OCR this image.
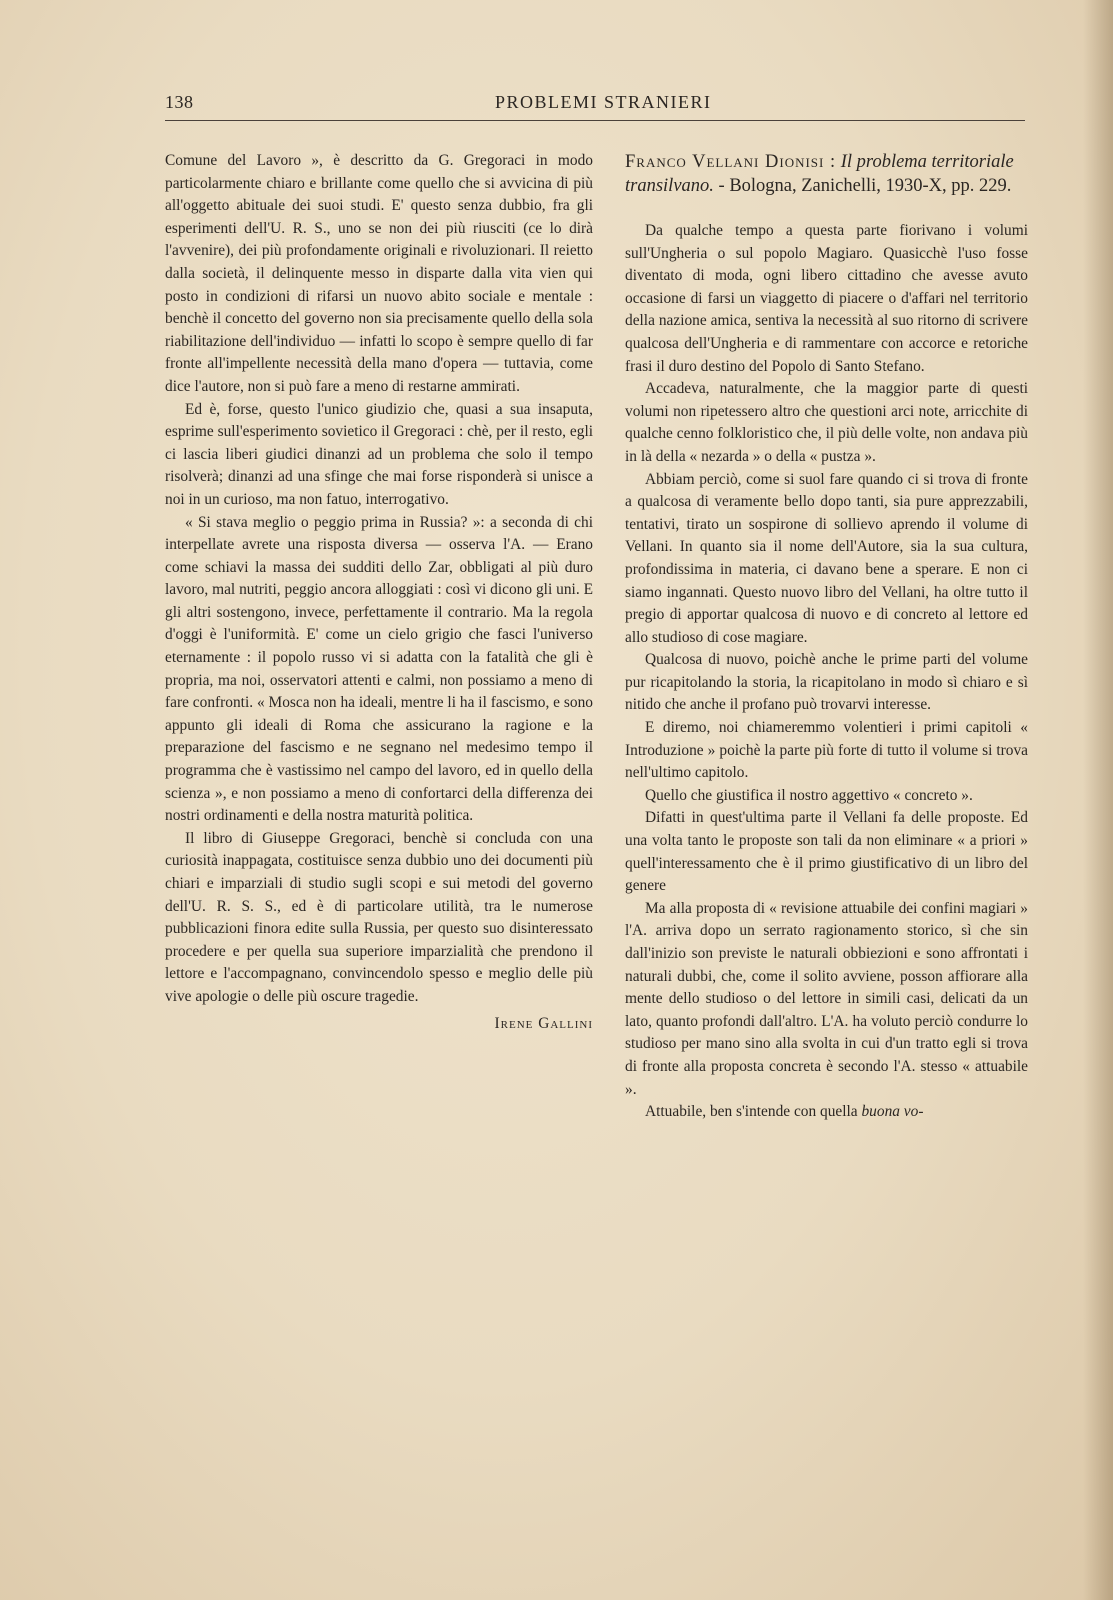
138	PROBLEMI STRANIERI

Comune del Lavoro », è descritto da G. Gregoraci in modo particolarmente chiaro e brillante come quello che si avvicina di più all'oggetto abituale dei suoi studi. E' questo senza dubbio, fra gli esperimenti dell'U. R. S., uno se non dei più riusciti (ce lo dirà l'avvenire), dei più profondamente originali e rivoluzionari. Il reietto dalla società, il delinquente messo in disparte dalla vita vien qui posto in condizioni di rifarsi un nuovo abito sociale e mentale : benchè il concetto del governo non sia precisamente quello della sola riabilitazione dell'individuo — infatti lo scopo è sempre quello di far fronte all'impellente necessità della mano d'opera — tuttavia, come dice l'autore, non si può fare a meno di restarne ammirati.

Ed è, forse, questo l'unico giudizio che, quasi a sua insaputa, esprime sull'esperimento sovietico il Gregoraci : chè, per il resto, egli ci lascia liberi giudici dinanzi ad un problema che solo il tempo risolverà; dinanzi ad una sfinge che mai forse risponderà si unisce a noi in un curioso, ma non fatuo, interrogativo.

« Si stava meglio o peggio prima in Russia? »: a seconda di chi interpellate avrete una risposta diversa — osserva l'A. — Erano come schiavi la massa dei sudditi dello Zar, obbligati al più duro lavoro, mal nutriti, peggio ancora alloggiati : così vi dicono gli uni. E gli altri sostengono, invece, perfettamente il contrario. Ma la regola d'oggi è l'uniformità. E' come un cielo grigio che fasci l'universo eternamente : il popolo russo vi si adatta con la fatalità che gli è propria, ma noi, osservatori attenti e calmi, non possiamo a meno di fare confronti. « Mosca non ha ideali, mentre li ha il fascismo, e sono appunto gli ideali di Roma che assicurano la ragione e la preparazione del fascismo e ne segnano nel medesimo tempo il programma che è vastissimo nel campo del lavoro, ed in quello della scienza », e non possiamo a meno di confortarci della differenza dei nostri ordinamenti e della nostra maturità politica.

Il libro di Giuseppe Gregoraci, benchè si concluda con una curiosità inappagata, costituisce senza dubbio uno dei documenti più chiari e imparziali di studio sugli scopi e sui metodi del governo dell'U. R. S. S., ed è di particolare utilità, tra le numerose pubblicazioni finora edite sulla Russia, per questo suo disinteressato procedere e per quella sua superiore imparzialità che prendono il lettore e l'accompagnano, convincendolo spesso e meglio delle più vive apologie o delle più oscure tragedie.

Irene Gallini

Franco Vellani Dionisi : Il problema territoriale transilvano. - Bologna, Zanichelli, 1930-X, pp. 229.

Da qualche tempo a questa parte fiorivano i volumi sull'Ungheria o sul popolo Magiaro. Quasicchè l'uso fosse diventato di moda, ogni libero cittadino che avesse avuto occasione di farsi un viaggetto di piacere o d'affari nel territorio della nazione amica, sentiva la necessità al suo ritorno di scrivere qualcosa dell'Ungheria e di rammentare con accorce e retoriche frasi il duro destino del Popolo di Santo Stefano.

Accadeva, naturalmente, che la maggior parte di questi volumi non ripetessero altro che questioni arci note, arricchite di qualche cenno folkloristico che, il più delle volte, non andava più in là della « nezarda » o della « pustza ».

Abbiam perciò, come si suol fare quando ci si trova di fronte a qualcosa di veramente bello dopo tanti, sia pure apprezzabili, tentativi, tirato un sospirone di sollievo aprendo il volume di Vellani. In quanto sia il nome dell'Autore, sia la sua cultura, profondissima in materia, ci davano bene a sperare. E non ci siamo ingannati. Questo nuovo libro del Vellani, ha oltre tutto il pregio di apportar qualcosa di nuovo e di concreto al lettore ed allo studioso di cose magiare.

Qualcosa di nuovo, poichè anche le prime parti del volume pur ricapitolando la storia, la ricapitolano in modo sì chiaro e sì nitido che anche il profano può trovarvi interesse.

E diremo, noi chiameremmo volentieri i primi capitoli « Introduzione » poichè la parte più forte di tutto il volume si trova nell'ultimo capitolo.

Quello che giustifica il nostro aggettivo « concreto ».

Difatti in quest'ultima parte il Vellani fa delle proposte. Ed una volta tanto le proposte son tali da non eliminare « a priori » quell'interessamento che è il primo giustificativo di un libro del genere

Ma alla proposta di « revisione attuabile dei confini magiari » l'A. arriva dopo un serrato ragionamento storico, sì che sin dall'inizio son previste le naturali obbiezioni e sono affrontati i naturali dubbi, che, come il solito avviene, posson affiorare alla mente dello studioso o del lettore in simili casi, delicati da un lato, quanto profondi dall'altro. L'A. ha voluto perciò condurre lo studioso per mano sino alla svolta in cui d'un tratto egli si trova di fronte alla proposta concreta è secondo l'A. stesso « attuabile ».

Attuabile, ben s'intende con quella buona vo-
